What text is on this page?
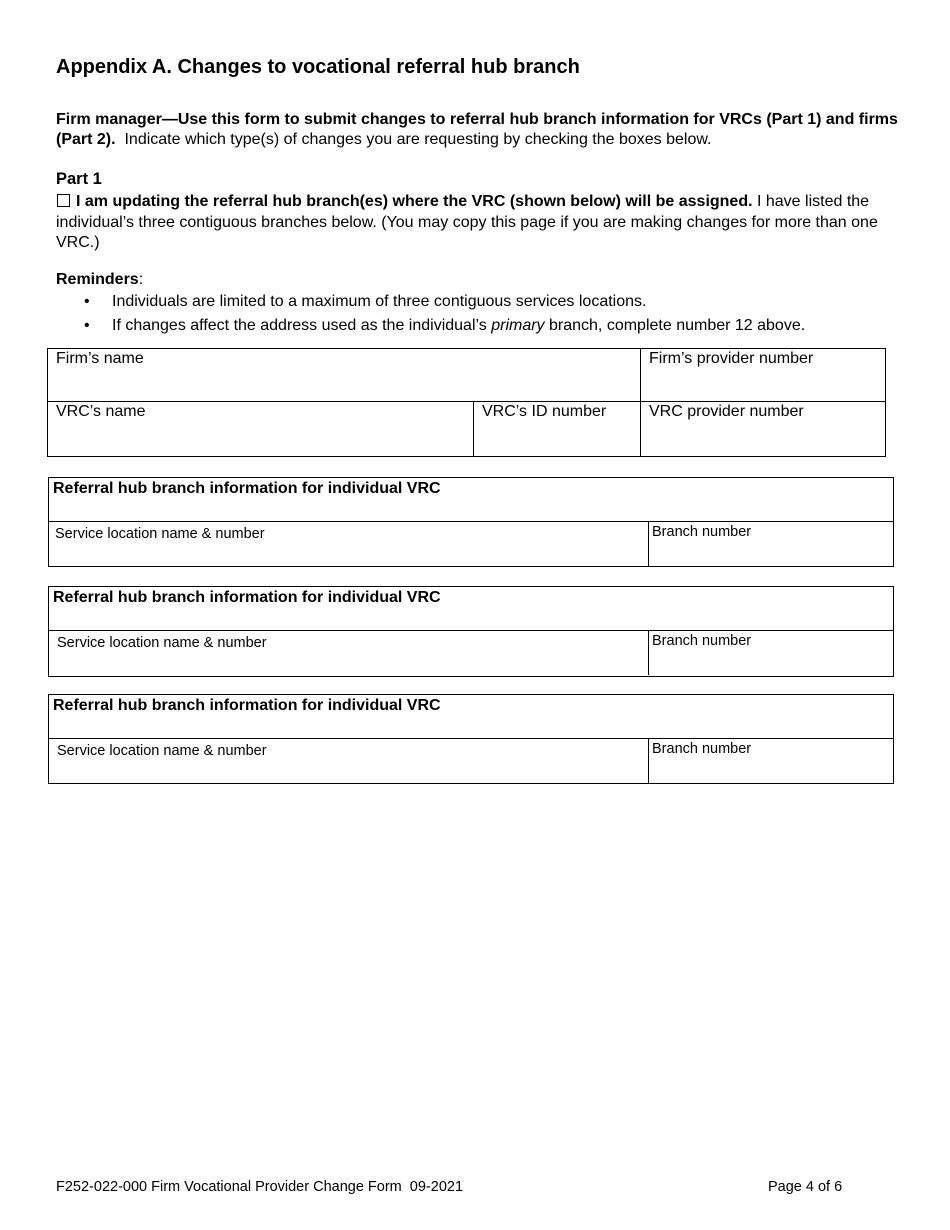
Appendix A. Changes to vocational referral hub branch

Firm manager—Use this form to submit changes to referral hub branch information for VRCs (Part 1) and firms (Part 2). Indicate which type(s) of changes you are requesting by checking the boxes below.

Part 1

I am updating the referral hub branch(es) where the VRC (shown below) will be assigned. I have listed the individual’s three contiguous branches below. (You may copy this page if you are making changes for more than one VRC.)

Reminders:

• Individuals are limited to a maximum of three contiguous services locations.
• If changes affect the address used as the individual’s primary branch, complete number 12 above.
Firm’s name	Firm’s provider number
VRC’s name	VRC’s ID number	VRC provider number
Referral hub branch information for individual VRC
Service location name & number	Branch number
Referral hub branch information for individual VRC
Service location name & number	Branch number
Referral hub branch information for individual VRC
Service location name & number	Branch number
F252-022-000 Firm Vocational Provider Change Form  09-2021	Page 4 of 6
